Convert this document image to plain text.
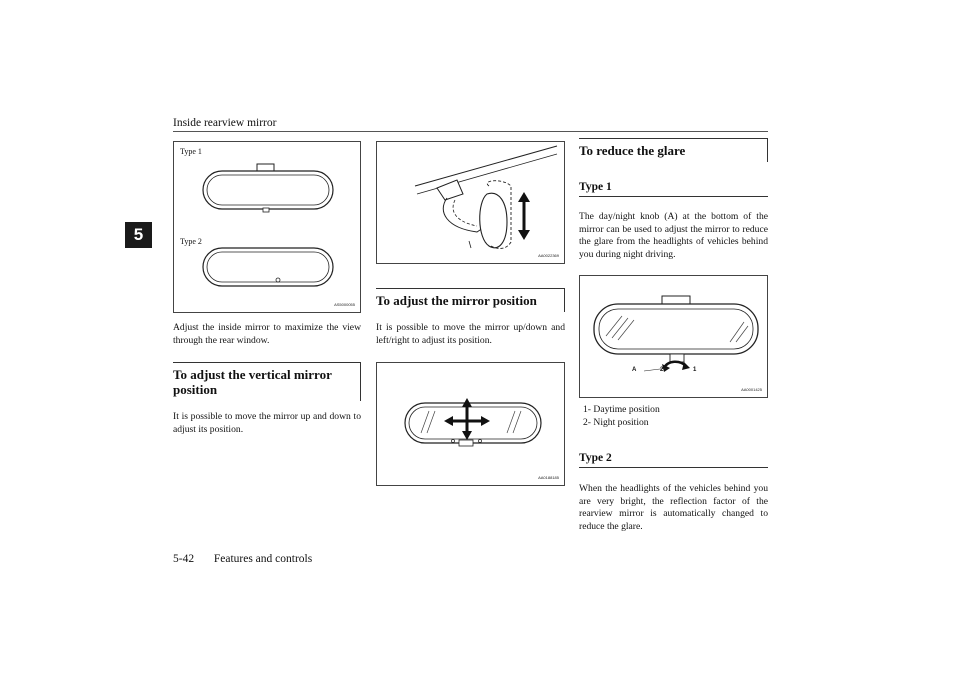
Inside rearview mirror
5
Type 1
Type 2
AS5000055
Adjust the inside mirror to maximize the view through the rear window.
To adjust the vertical mirror position
It is possible to move the mirror up and down to adjust its position.
AA0022369
To adjust the mirror position
It is possible to move the mirror up/down and left/right to adjust its position.
AA0188185
To reduce the glare
Type 1
The day/night knob (A) at the bottom of the mirror can be used to adjust the mirror to reduce the glare from the headlights of vehicles behind you during night driving.
A	2	1
AA0001425
1- Daytime position
2- Night position
Type 2
When the headlights of the vehicles behind you are very bright, the reflection factor of the rearview mirror is automatically changed to reduce the glare.
5-42 Features and controls
